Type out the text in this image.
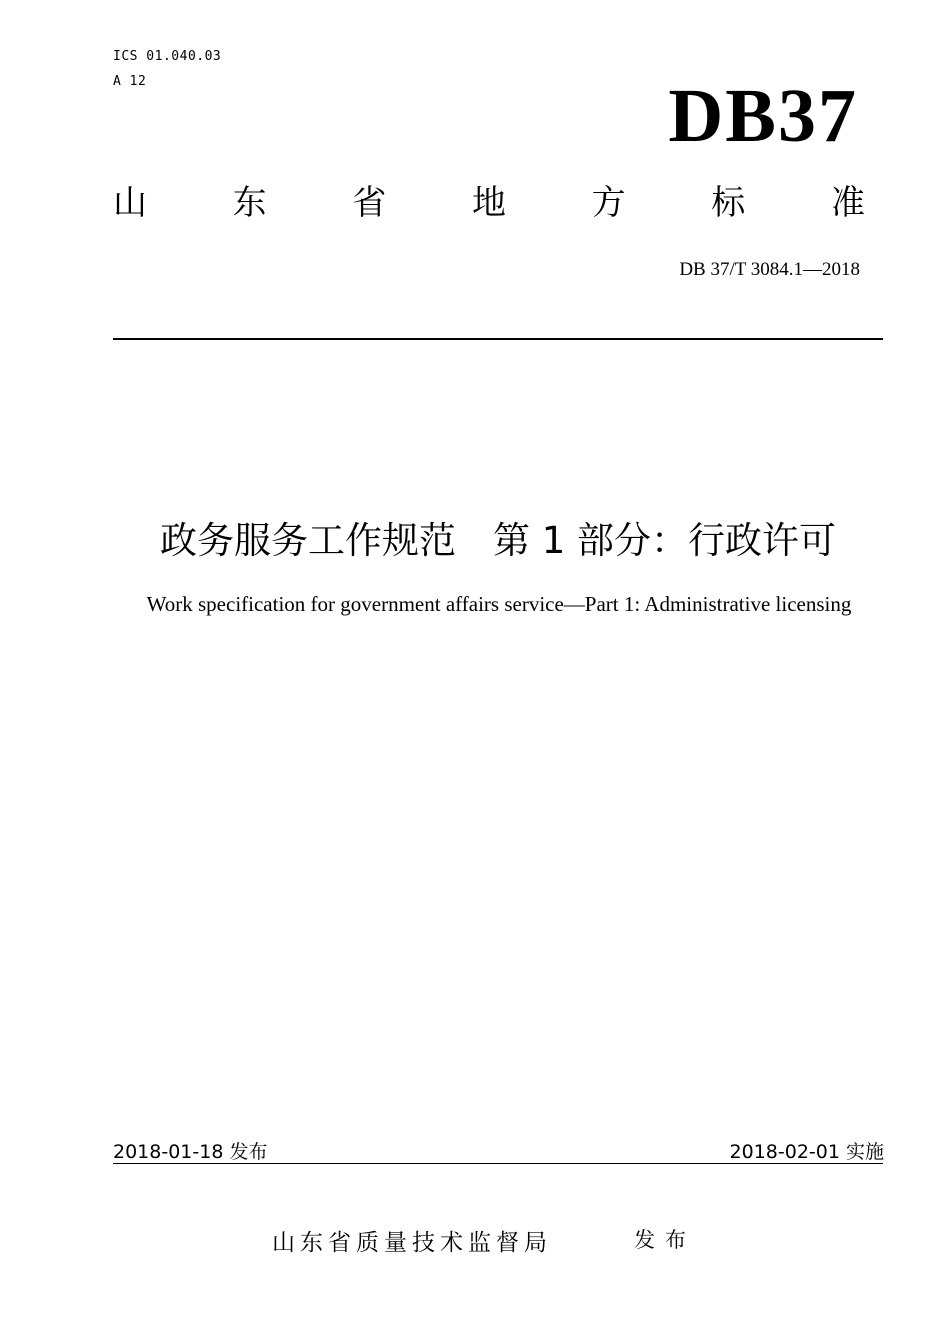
ICS 01.040.03
A 12	DB37
山	东	省	地	方	标	准
DB 37/T 3084.1—2018
政务服务工作规范　第 1 部分：行政许可
Work specification for government affairs service—Part 1: Administrative licensing
2018-01-18 发布	2018-02-01 实施
山东省质量技术监督局	发布
